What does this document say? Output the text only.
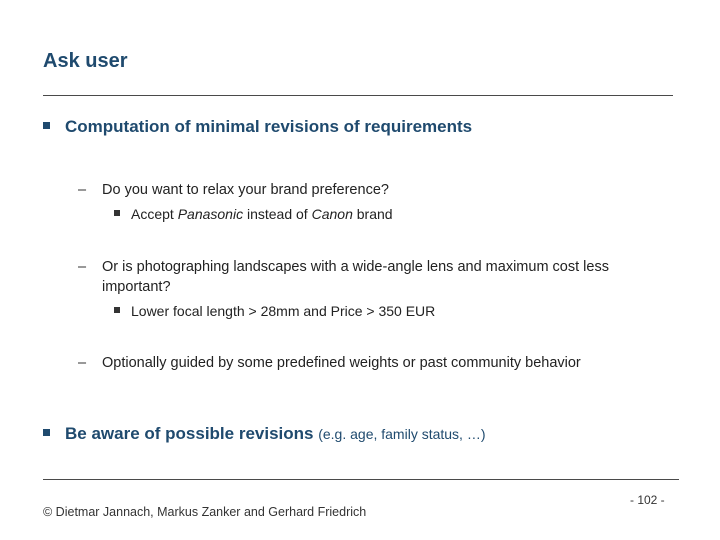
Ask user
Computation of minimal revisions of requirements
– Do you want to relax your brand preference?
Accept Panasonic instead of Canon brand
– Or is photographing landscapes with a wide-angle lens and maximum cost less
important?
Lower focal length > 28mm and Price > 350 EUR
– Optionally guided by some predefined weights or past community behavior
Be aware of possible revisions (e.g. age, family status, …)
© Dietmar Jannach, Markus Zanker and Gerhard Friedrich
- 102 -
